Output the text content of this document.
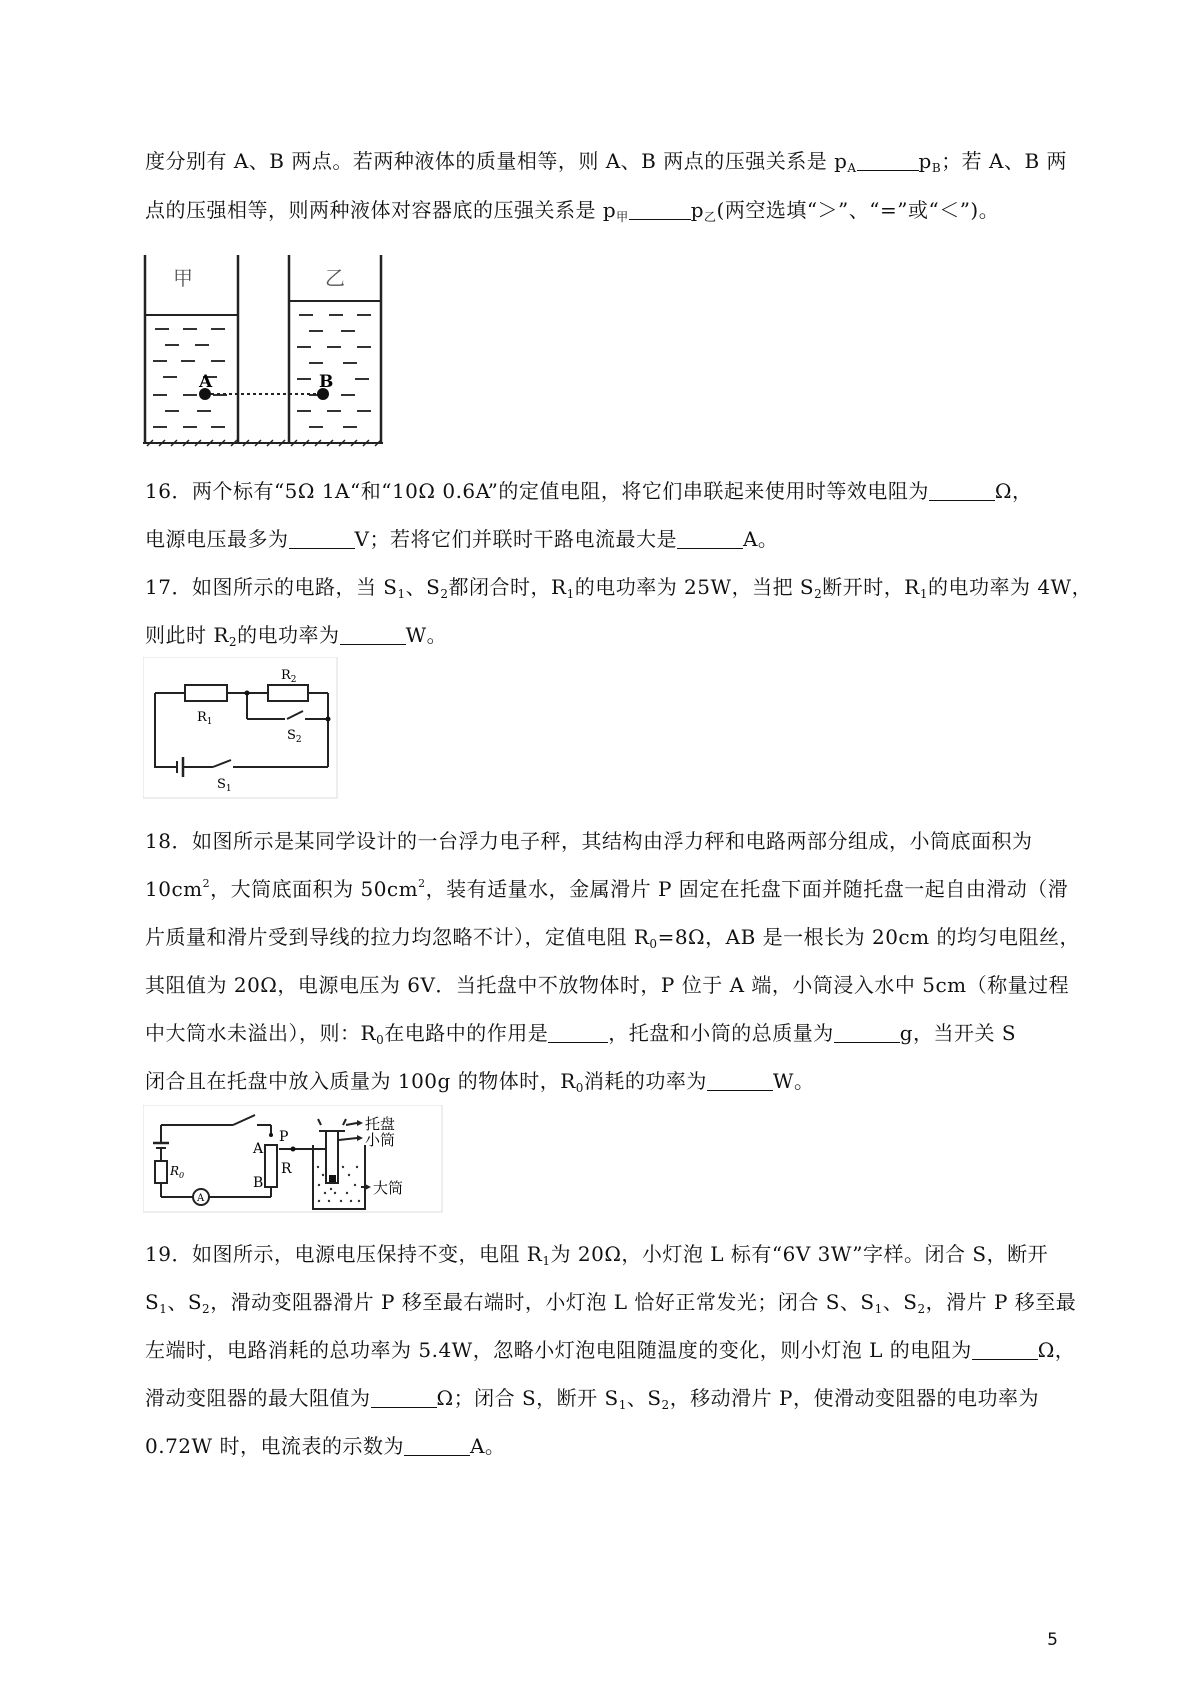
度分别有 A、B 两点。若两种液体的质量相等，则 A、B 两点的压强关系是 $p_A$	$p_B$；若 A、B 两
点的压强相等，则两种液体对容器底的压强关系是 $p_甲$	$p_乙$(两空选填“＞”、“=”或“＜”)。
A	B
甲	乙
16．两个标有“5Ω 1A“和“10Ω 0.6A”的定值电阻，将它们串联起来使用时等效电阻为	Ω，
电源电压最多为	V；若将它们并联时干路电流最大是	A。
17．如图所示的电路，当 $S_1$、$S_2$都闭合时，$R_1$的电功率为 25W，当把 $S_2$断开时，$R_1$的电功率为 4W，
则此时 $R_2$的电功率为	W。
$R_1$
$R_2$
$S_2$
$S_1$
18．如图所示是某同学设计的一台浮力电子秤，其结构由浮力秤和电路两部分组成，小筒底面积为
$10cm^2$，大筒底面积为 $50cm^2$，装有适量水，金属滑片 P 固定在托盘下面并随托盘一起自由滑动（滑
片质量和滑片受到导线的拉力均忽略不计），定值电阻 $R_0=8\Omega$，AB 是一根长为 20cm 的均匀电阻丝，
其阻值为 20Ω，电源电压为 6V．当托盘中不放物体时，P 位于 A 端，小筒浸入水中 5cm（称量过程
中大筒水未溢出），则：$R_0$在电路中的作用是	，托盘和小筒的总质量为	g，当开关 S
闭合且在托盘中放入质量为 100g 的物体时，$R_0$消耗的功率为	W。
A
B
P
R
$R_0$
A
托盘
小筒
大筒
19．如图所示，电源电压保持不变，电阻 $R_1$为 20Ω，小灯泡 L 标有“6V 3W”字样。闭合 S，断开
$S_1$、$S_2$，滑动变阻器滑片 P 移至最右端时，小灯泡 L 恰好正常发光；闭合 S、$S_1$、$S_2$，滑片 P 移至最
左端时，电路消耗的总功率为 5.4W，忽略小灯泡电阻随温度的变化，则小灯泡 L 的电阻为	Ω，
滑动变阻器的最大阻值为	Ω；闭合 S，断开 $S_1$、$S_2$，移动滑片 P，使滑动变阻器的电功率为
0.72W 时，电流表的示数为	A。
5
